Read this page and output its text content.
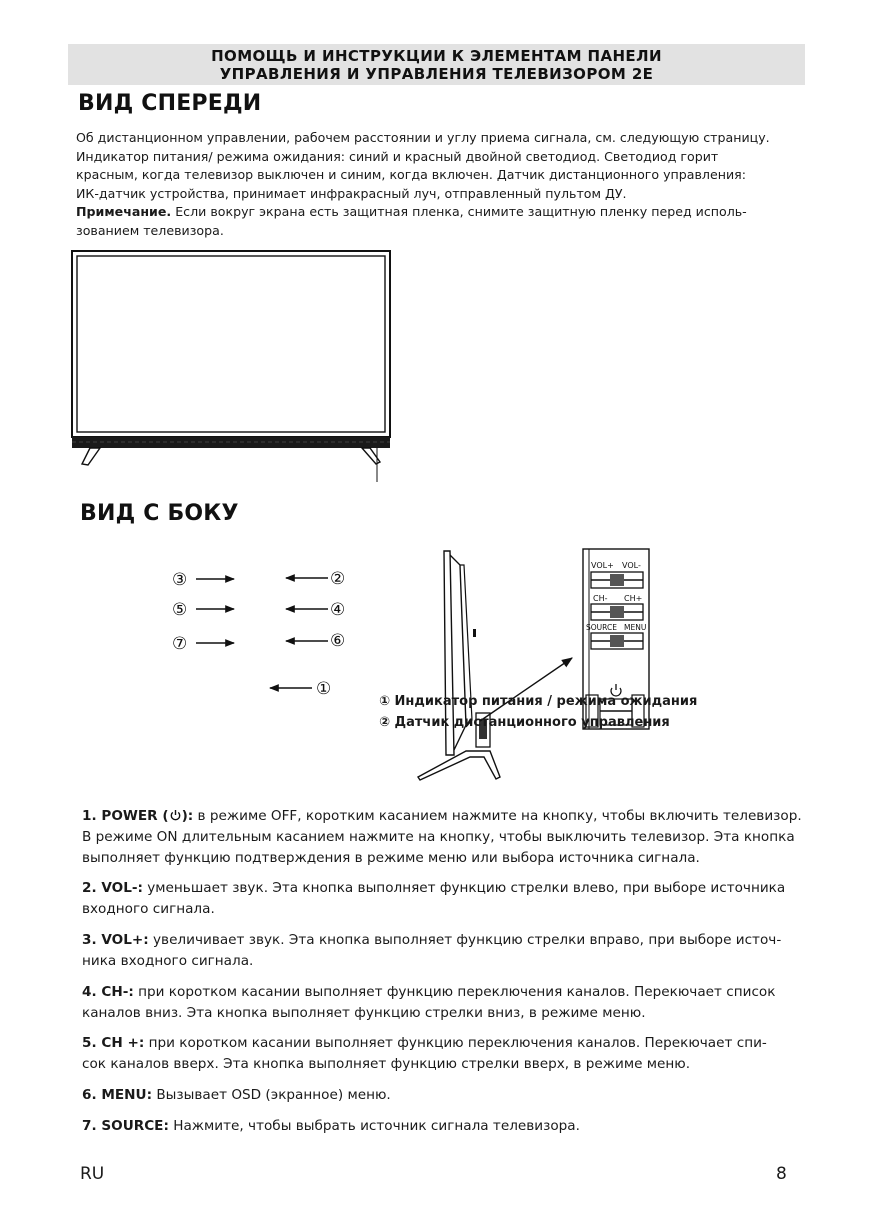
ПОМОЩЬ И ИНСТРУКЦИИ К ЭЛЕМЕНТАМ ПАНЕЛИ
УПРАВЛЕНИЯ И УПРАВЛЕНИЯ ТЕЛЕВИЗОРОМ 2E
ВИД СПЕРЕДИ
Об дистанционном управлении, рабочем расстоянии и углу приема сигнала, см. следующую страницу.
Индикатор питания/ режима ожидания: синий и красный двойной светодиод. Светодиод горит
красным, когда телевизор выключен и синим, когда включен. Датчик дистанционного управления:
ИК-датчик устройства, принимает инфракрасный луч, отправленный пультом ДУ.
Примечание. Если вокруг экрана есть защитная пленка, снимите защитную пленку перед исполь-
зованием телевизора.
ВИД С БОКУ
③	②
⑤	④
⑦	⑥
①
VOL+ VOL-
CH- CH+
SOURCE MENU
① Индикатор питания / режима ожидания
② Датчик дистанционного управления
1. POWER ( ): в режиме OFF, коротким касанием нажмите на кнопку, чтобы включить телевизор.
В режиме ON длительным касанием нажмите на кнопку, чтобы выключить телевизор. Эта кнопка
выполняет функцию подтверждения в режиме меню или выбора источника сигнала.
2. VOL-: уменьшает звук. Эта кнопка выполняет функцию стрелки влево, при выборе источника
входного сигнала.
3. VOL+: увеличивает звук. Эта кнопка выполняет функцию стрелки вправо, при выборе источ-
ника входного сигнала.
4. CH-: при коротком касании выполняет функцию переключения каналов. Перекючает список
каналов вниз. Эта кнопка выполняет функцию стрелки вниз, в режиме меню.
5. CH +: при коротком касании выполняет функцию переключения каналов. Перекючает спи-
сок каналов вверх. Эта кнопка выполняет функцию стрелки вверх, в режиме меню.
6. MENU: Вызывает OSD (экранное) меню.
7. SOURCE: Нажмите, чтобы выбрать источник сигнала телевизора.
RU	8
